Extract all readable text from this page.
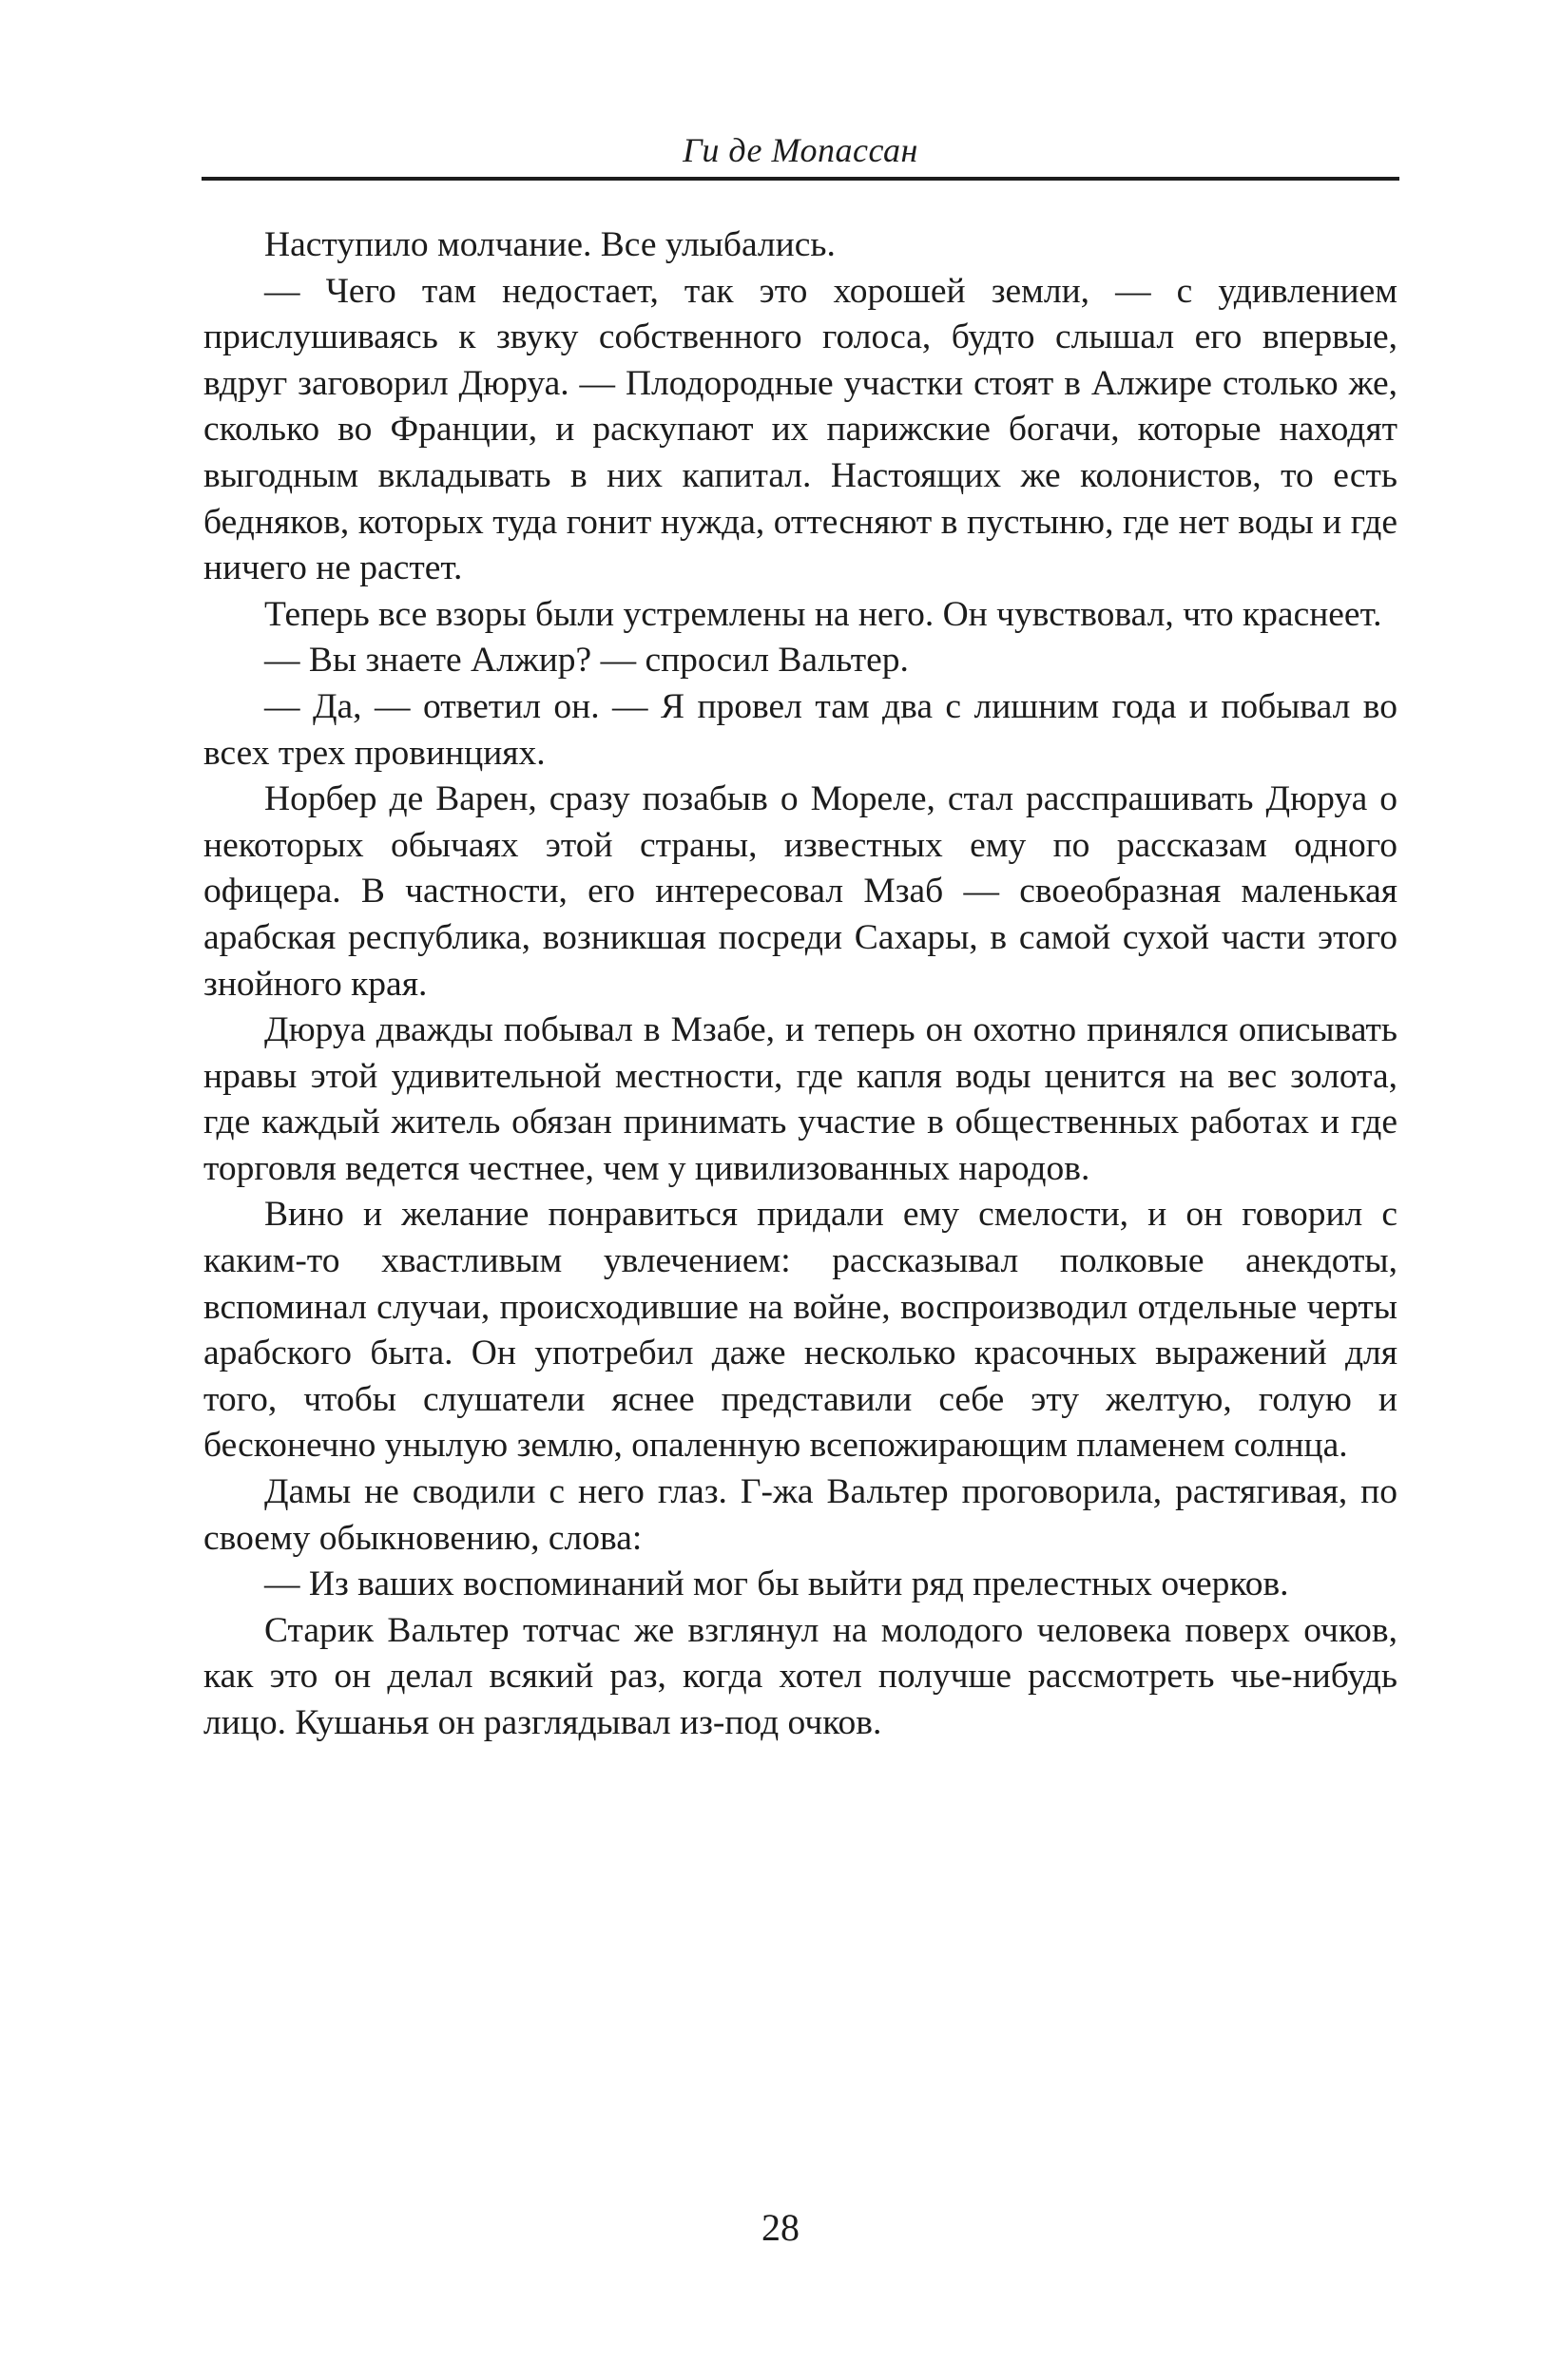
Ги де Мопассан

Наступило молчание. Все улыбались.

— Чего там недостает, так это хорошей земли, — с удивлением прислушиваясь к звуку собственного голоса, будто слышал его впервые, вдруг заговорил Дюруа. — Плодородные участки стоят в Алжире столько же, сколько во Франции, и раскупают их парижские богачи, которые находят выгодным вкладывать в них капитал. Настоящих же колонистов, то есть бедняков, которых туда гонит нужда, оттесняют в пустыню, где нет воды и где ничего не растет.

Теперь все взоры были устремлены на него. Он чувствовал, что краснеет.

— Вы знаете Алжир? — спросил Вальтер.

— Да, — ответил он. — Я провел там два с лишним года и побывал во всех трех провинциях.

Норбер де Варен, сразу позабыв о Мореле, стал расспрашивать Дюруа о некоторых обычаях этой страны, известных ему по рассказам одного офицера. В частности, его интересовал Мзаб — своеобразная маленькая арабская республика, возникшая посреди Сахары, в самой сухой части этого знойного края.

Дюруа дважды побывал в Мзабе, и теперь он охотно принялся описывать нравы этой удивительной местности, где капля воды ценится на вес золота, где каждый житель обязан принимать участие в общественных работах и где торговля ведется честнее, чем у цивилизованных народов.

Вино и желание понравиться придали ему смелости, и он говорил с каким-то хвастливым увлечением: рассказывал полковые анекдоты, вспоминал случаи, происходившие на войне, воспроизводил отдельные черты арабского быта. Он употребил даже несколько красочных выражений для того, чтобы слушатели яснее представили себе эту желтую, голую и бесконечно унылую землю, опаленную всепожирающим пламенем солнца.

Дамы не сводили с него глаз. Г-жа Вальтер проговорила, растягивая, по своему обыкновению, слова:

— Из ваших воспоминаний мог бы выйти ряд прелестных очерков.

Старик Вальтер тотчас же взглянул на молодого человека поверх очков, как это он делал всякий раз, когда хотел получше рассмотреть чье-нибудь лицо. Кушанья он разглядывал из-под очков.

28
